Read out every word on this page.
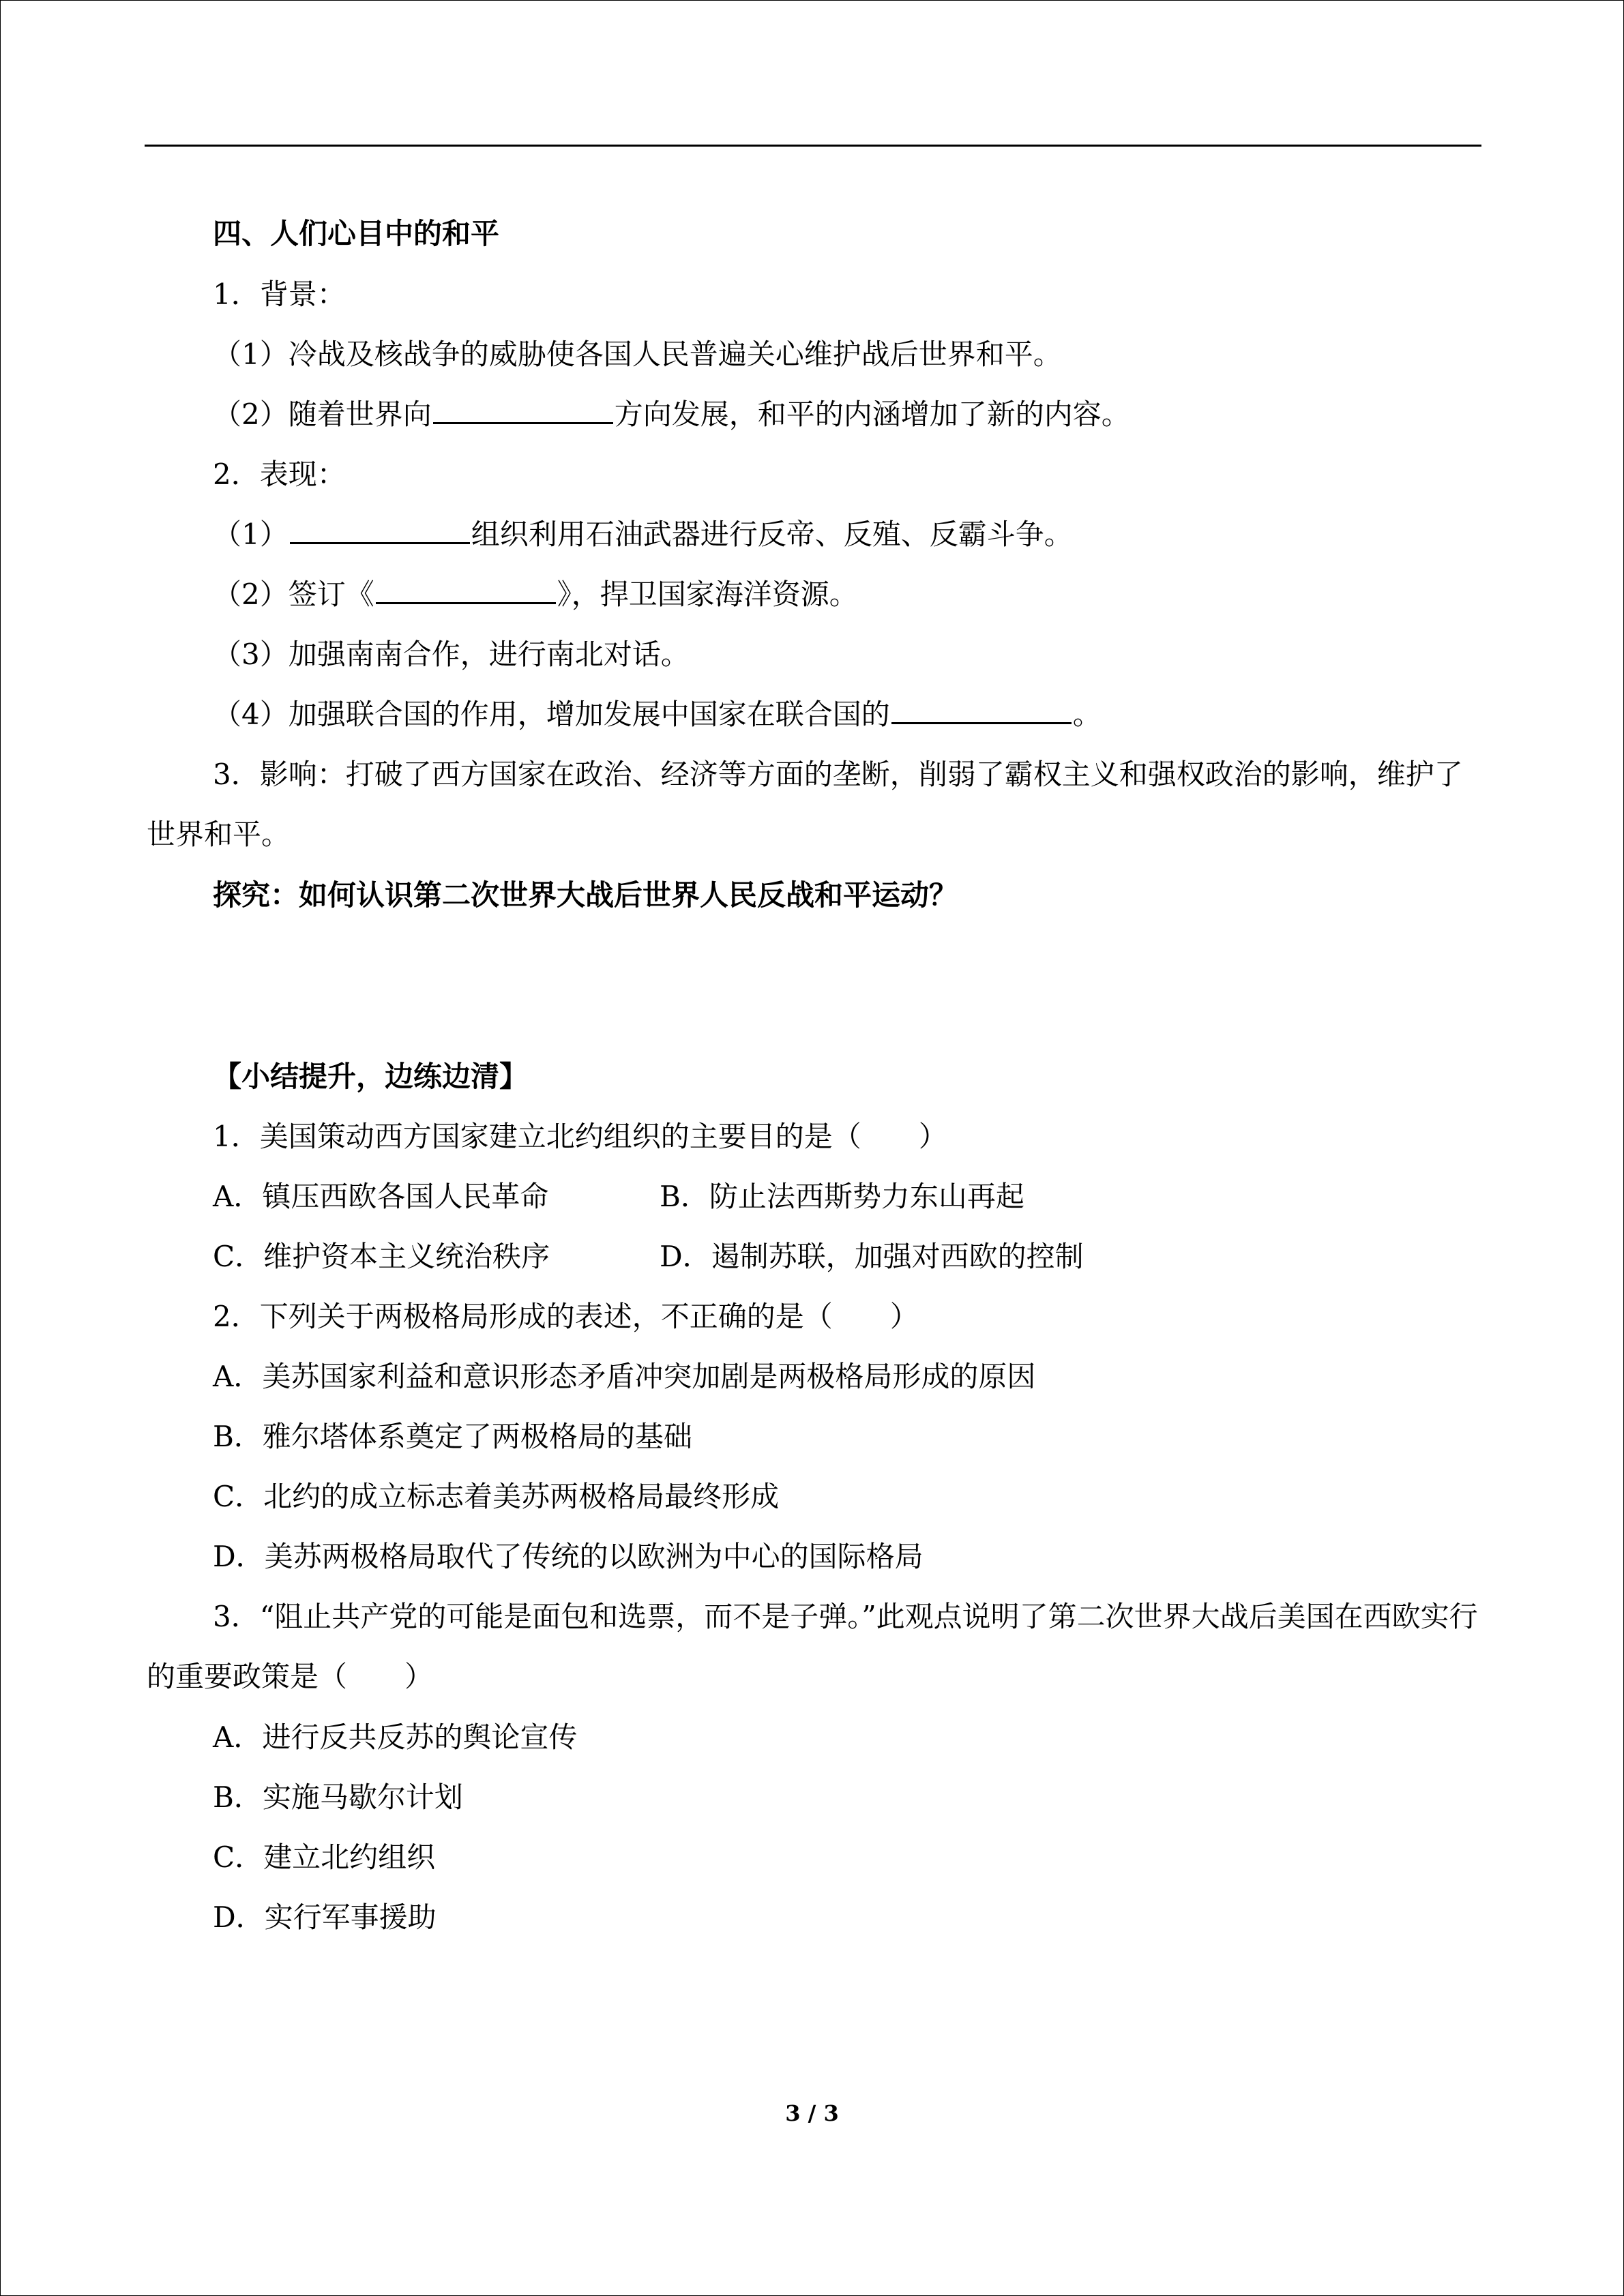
四、人们心目中的和平
1．背景：
（1）冷战及核战争的威胁使各国人民普遍关心维护战后世界和平。
（2）随着世界向	方向发展，和平的内涵增加了新的内容。
2．表现：
（1）	组织利用石油武器进行反帝、反殖、反霸斗争。
（2）签订《	》，捍卫国家海洋资源。
（3）加强南南合作，进行南北对话。
（4）加强联合国的作用，增加发展中国家在联合国的	。
3．影响：打破了西方国家在政治、经济等方面的垄断，削弱了霸权主义和强权政治的影响，维护了世界和平。
探究：如何认识第二次世界大战后世界人民反战和平运动？
【小结提升，边练边清】
1．美国策动西方国家建立北约组织的主要目的是（　　）
A．镇压西欧各国人民革命	B．防止法西斯势力东山再起
C．维护资本主义统治秩序	D．遏制苏联，加强对西欧的控制
2．下列关于两极格局形成的表述，不正确的是（　　）
A．美苏国家利益和意识形态矛盾冲突加剧是两极格局形成的原因
B．雅尔塔体系奠定了两极格局的基础
C．北约的成立标志着美苏两极格局最终形成
D．美苏两极格局取代了传统的以欧洲为中心的国际格局
3．“阻止共产党的可能是面包和选票，而不是子弹。”此观点说明了第二次世界大战后美国在西欧实行的重要政策是（　　）
A．进行反共反苏的舆论宣传
B．实施马歇尔计划
C．建立北约组织
D．实行军事援助
3 / 3
